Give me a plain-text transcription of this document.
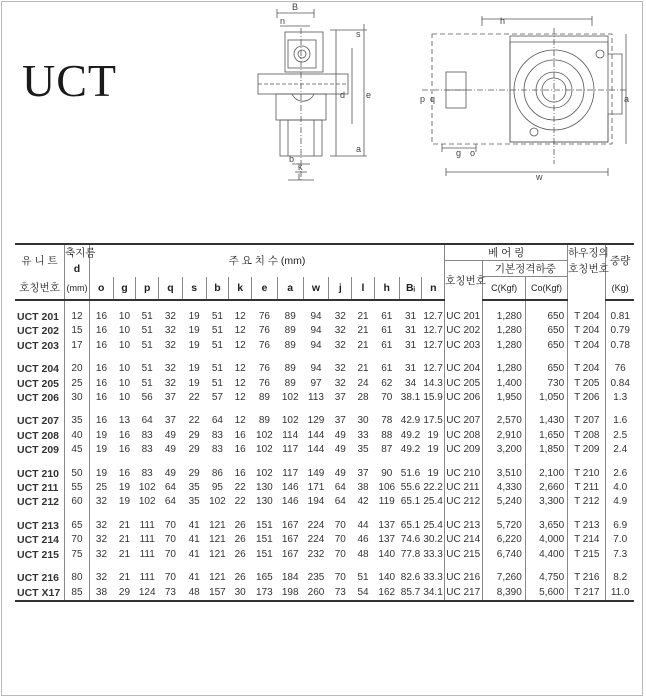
UCT
B
n
s
d e
b
k
l
a
h
p q	a
g o
w
유 니 트	축지름	주 요 치 수 (mm)															베 어 링			하우징의	중량
	d																호칭번호	기본정격하중		호칭번호	
호칭번호	(mm)	o	g	p	q	s	b	k	e	a	w	j	l	h	Bᵢ	n		C(Kgf)	Co(Kgf)		(Kg)

UCT 201	12	16	10	51	32	19	51	12	76	89	94	32	21	61	31	12.7	UC 201	1,280	650	T 204	0.81
UCT 202	15	16	10	51	32	19	51	12	76	89	94	32	21	61	31	12.7	UC 202	1,280	650	T 204	0.79
UCT 203	17	16	10	51	32	19	51	12	76	89	94	32	21	61	31	12.7	UC 203	1,280	650	T 204	0.78

UCT 204	20	16	10	51	32	19	51	12	76	89	94	32	21	61	31	12.7	UC 204	1,280	650	T 204	76
UCT 205	25	16	10	51	32	19	51	12	76	89	97	32	24	62	34	14.3	UC 205	1,400	730	T 205	0.84
UCT 206	30	16	10	56	37	22	57	12	89	102	113	37	28	70	38.1	15.9	UC 206	1,950	1,050	T 206	1.3

UCT 207	35	16	13	64	37	22	64	12	89	102	129	37	30	78	42.9	17.5	UC 207	2,570	1,430	T 207	1.6
UCT 208	40	19	16	83	49	29	83	16	102	114	144	49	33	88	49.2	19	UC 208	2,910	1,650	T 208	2.5
UCT 209	45	19	16	83	49	29	83	16	102	117	144	49	35	87	49.2	19	UC 209	3,200	1,850	T 209	2.4

UCT 210	50	19	16	83	49	29	86	16	102	117	149	49	37	90	51.6	19	UC 210	3,510	2,100	T 210	2.6
UCT 211	55	25	19	102	64	35	95	22	130	146	171	64	38	106	55.6	22.2	UC 211	4,330	2,660	T 211	4.0
UCT 212	60	32	19	102	64	35	102	22	130	146	194	64	42	119	65.1	25.4	UC 212	5,240	3,300	T 212	4.9

UCT 213	65	32	21	111	70	41	121	26	151	167	224	70	44	137	65.1	25.4	UC 213	5,720	3,650	T 213	6.9
UCT 214	70	32	21	111	70	41	121	26	151	167	224	70	46	137	74.6	30.2	UC 214	6,220	4,000	T 214	7.0
UCT 215	75	32	21	111	70	41	121	26	151	167	232	70	48	140	77.8	33.3	UC 215	6,740	4,400	T 215	7.3

UCT 216	80	32	21	111	70	41	121	26	165	184	235	70	51	140	82.6	33.3	UC 216	7,260	4,750	T 216	8.2
UCT X17	85	38	29	124	73	48	157	30	173	198	260	73	54	162	85.7	34.1	UC 217	8,390	5,600	T 217	11.0
